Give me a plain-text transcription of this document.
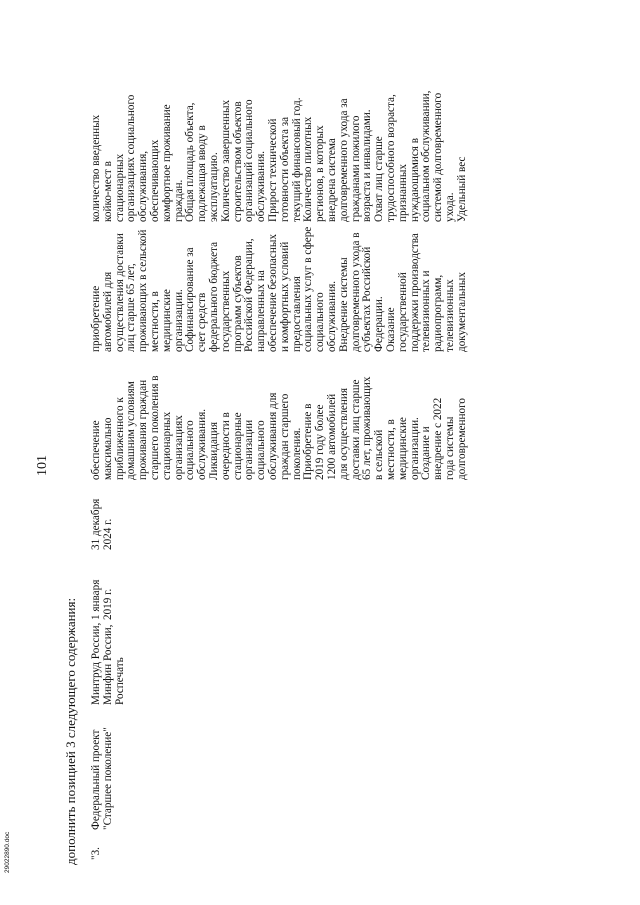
101
дополнить позицией 3 следующего содержания: "3.
Федеральный проект "Старшее поколение"
Минтруд России, Минфин России, Роспечать
1 января 2019 г.
31 декабря 2024 г.
обеспечение максимально приближенного к домашним условиям проживания граждан старшего поколения в стационарных организациях социального обслуживания. Ликвидация очередности в стационарные организации социального обслуживания для граждан старшего поколения. Приобретение в 2019 году более 1200 автомобилей для осуществления доставки лиц старше 65 лет, проживающих в сельской местности, в медицинские организации. Создание и внедрение с 2022 года системы долговременного
приобретение автомобилей для осуществления доставки лиц старше 65 лет, проживающих в сельской местности, в медицинские организации. Софинансирование за счет средств федерального бюджета государственных программ субъектов Российской Федерации, направленных на обеспечение безопасных и комфортных условий предоставления социальных услуг в сфере социального обслуживания. Внедрение системы долговременного ухода в субъектах Российской Федерации. Оказание государственной поддержки производства телевизионных и радиопрограмм, телевизионных документальных
количество введенных койко-мест в стационарных организациях социального обслуживания, обеспечивающих комфортное проживание граждан. Общая площадь объекта, подлежащая вводу в эксплуатацию. Количество завершенных строительством объектов организаций социального обслуживания. Прирост технической готовности объекта за текущий финансовый год. Количество пилотных регионов, в которых внедрена система долговременного ухода за гражданами пожилого возраста и инвалидами. Охват лиц старше трудоспособного возраста, признанных нуждающимися в социальном обслуживании, системой долговременного ухода. Удельный вес
29022890.doc
